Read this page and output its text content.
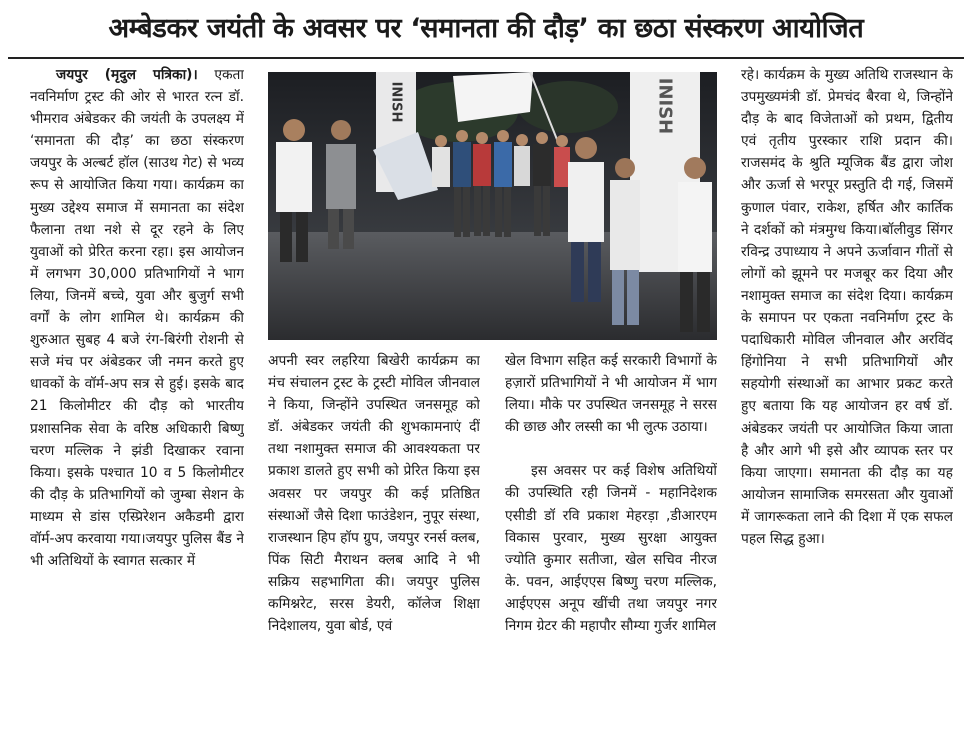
अम्बेडकर जयंती के अवसर पर ‘समानता की दौड़’ का छठा संस्करण आयोजित

जयपुर (मृदुल पत्रिका)। एकता नवनिर्माण ट्रस्ट की ओर से भारत रत्न डॉ. भीमराव अंबेडकर की जयंती के उपलक्ष्य में ‘समानता की दौड़’ का छठा संस्करण जयपुर के अल्बर्ट हॉल (साउथ गेट) से भव्य रूप से आयोजित किया गया। कार्यक्रम का मुख्य उद्देश्य समाज में समानता का संदेश फैलाना तथा नशे से दूर रहने के लिए युवाओं को प्रेरित करना रहा। इस आयोजन में लगभग 30,000 प्रतिभागियों ने भाग लिया, जिनमें बच्चे, युवा और बुजुर्ग सभी वर्गों के लोग शामिल थे। कार्यक्रम की शुरुआत सुबह 4 बजे रंग-बिरंगी रोशनी से सजे मंच पर अंबेडकर जी नमन करते हुए धावकों के वॉर्म-अप सत्र से हुई। इसके बाद 21 किलोमीटर की दौड़ को भारतीय प्रशासनिक सेवा के वरिष्ठ अधिकारी बिष्णु चरण मल्लिक ने झंडी दिखाकर रवाना किया। इसके पश्चात 10 व 5 किलोमीटर की दौड़ के प्रतिभागियों को जुम्बा सेशन के माध्यम से डांस एस्प्रिरेशन अकैडमी द्वारा वॉर्म-अप करवाया गया।जयपुर पुलिस बैंड ने भी अतिथियों के स्वागत सत्कार में

INISH	INISH

अपनी स्वर लहरिया बिखेरी कार्यक्रम का मंच संचालन ट्रस्ट के ट्रस्टी मोविल जीनवाल ने किया, जिन्होंने उपस्थित जनसमूह को डॉ. अंबेडकर जयंती की शुभकामनाएं दीं तथा नशामुक्त समाज की आवश्यकता पर प्रकाश डालते हुए सभी को प्रेरित किया इस अवसर पर जयपुर की कई प्रतिष्ठित संस्थाओं जैसे दिशा फाउंडेशन, नुपूर संस्था, राजस्थान हिप हॉप ग्रुप, जयपुर रनर्स क्लब, पिंक सिटी मैराथन क्लब आदि ने भी सक्रिय सहभागिता की। जयपुर पुलिस कमिश्नरेट, सरस डेयरी, कॉलेज शिक्षा निदेशालय, युवा बोर्ड, एवं

खेल विभाग सहित कई सरकारी विभागों के हज़ारों प्रतिभागियों ने भी आयोजन में भाग लिया। मौके पर उपस्थित जनसमूह ने सरस की छाछ और लस्सी का भी लुत्फ उठाया।

इस अवसर पर कई विशेष अतिथियों की उपस्थिति रही जिनमें - महानिदेशक एसीडी डॉ रवि प्रकाश मेहरड़ा ,डीआरएम विकास पुरवार, मुख्य सुरक्षा आयुक्त ज्योति कुमार सतीजा, खेल सचिव नीरज के. पवन, आईएएस बिष्णु चरण मल्लिक, आईएएस अनूप खींची तथा जयपुर नगर निगम ग्रेटर की महापौर सौम्या गुर्जर शामिल

रहे। कार्यक्रम के मुख्य अतिथि राजस्थान के उपमुख्यमंत्री डॉ. प्रेमचंद बैरवा थे, जिन्होंने दौड़ के बाद विजेताओं को प्रथम, द्वितीय एवं तृतीय पुरस्कार राशि प्रदान की। राजसमंद के श्रुति म्यूजिक बैंड द्वारा जोश और ऊर्जा से भरपूर प्रस्तुति दी गई, जिसमें कुणाल पंवार, राकेश, हर्षित और कार्तिक ने दर्शकों को मंत्रमुग्ध किया।बॉलीवुड सिंगर रविन्द्र उपाध्याय ने अपने ऊर्जावान गीतों से लोगों को झूमने पर मजबूर कर दिया और नशामुक्त समाज का संदेश दिया। कार्यक्रम के समापन पर एकता नवनिर्माण ट्रस्ट के पदाधिकारी मोविल जीनवाल और अरविंद हिंगोनिया ने सभी प्रतिभागियों और सहयोगी संस्थाओं का आभार प्रकट करते हुए बताया कि यह आयोजन हर वर्ष डॉ. अंबेडकर जयंती पर आयोजित किया जाता है और आगे भी इसे और व्यापक स्तर पर किया जाएगा। समानता की दौड़ का यह आयोजन सामाजिक समरसता और युवाओं में जागरूकता लाने की दिशा में एक सफल पहल सिद्ध हुआ।
